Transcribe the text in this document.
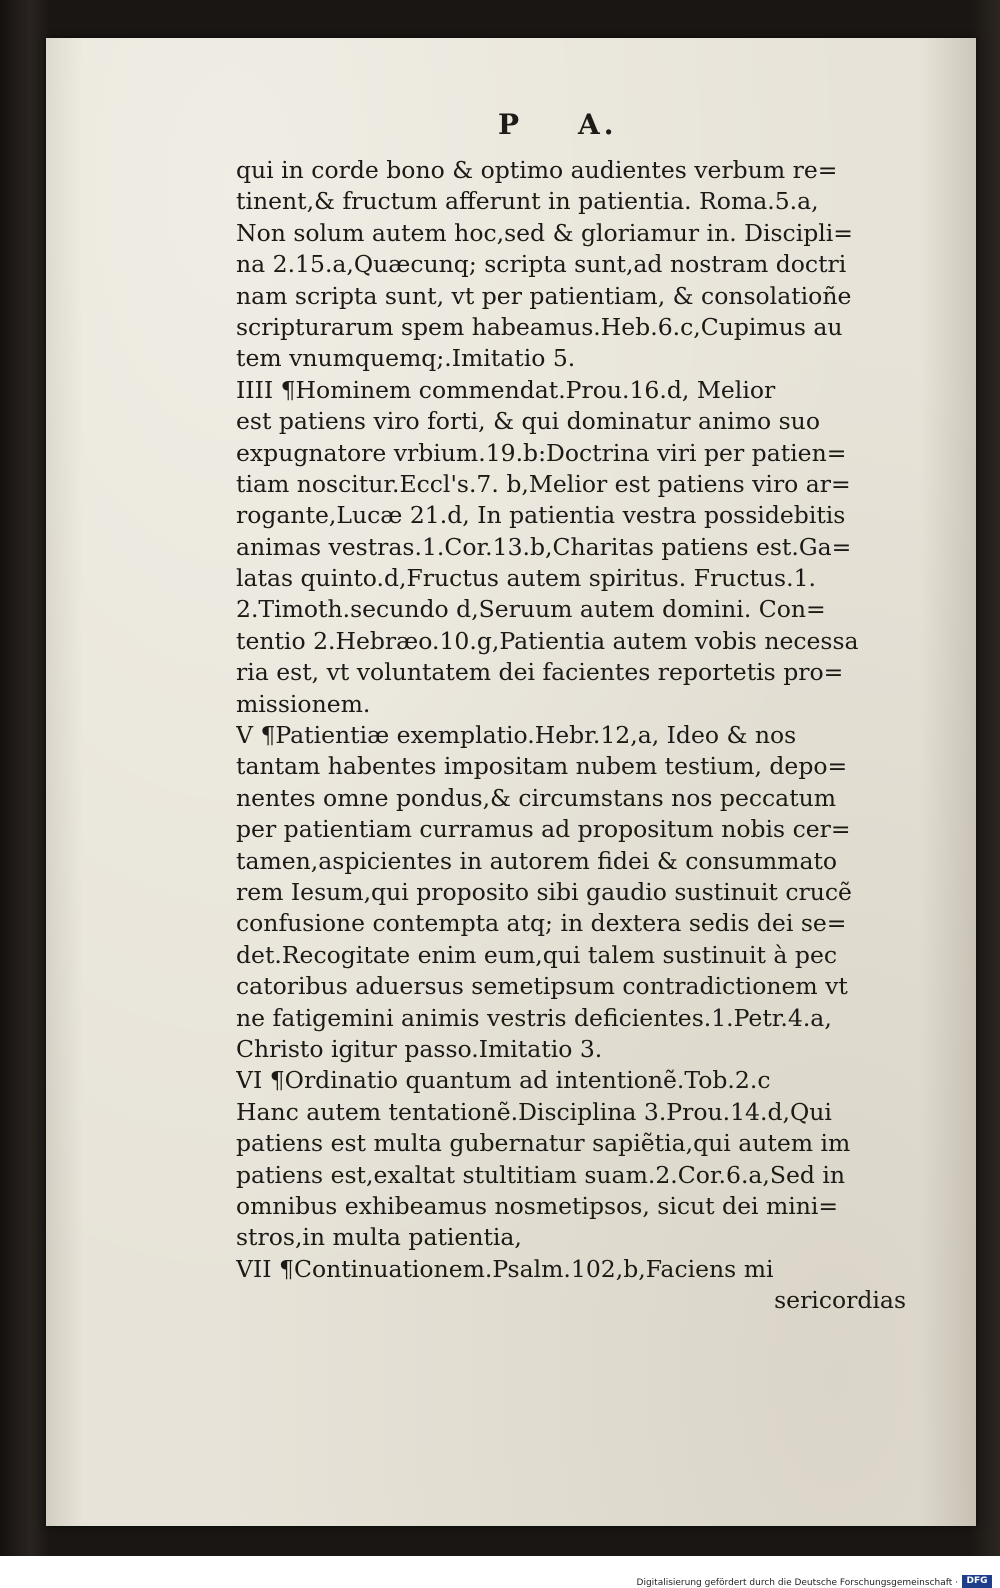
P    A.
qui in corde bono & optimo audientes verbum re=
tinent,& fructum afferunt in patientia. Roma.5.a,
Non solum autem hoc,sed & gloriamur in. Discipli=
na 2.15.a,Quæcunq; scripta sunt,ad nostram doctri
nam scripta sunt, vt per patientiam, & consolatioñe
scripturarum spem habeamus.Heb.6.c,Cupimus au
tem vnumquemq;.Imitatio 5.
IIII ¶Hominem commendat.Prou.16.d, Melior
est patiens viro forti, & qui dominatur animo suo
expugnatore vrbium.19.b:Doctrina viri per patien=
tiam noscitur.Eccl's.7. b,Melior est patiens viro ar=
rogante,Lucæ 21.d, In patientia vestra possidebitis
animas vestras.1.Cor.13.b,Charitas patiens est.Ga=
latas quinto.d,Fructus autem spiritus. Fructus.1.
2.Timoth.secundo d,Seruum autem domini. Con=
tentio 2.Hebræo.10.g,Patientia autem vobis necessa
ria est, vt voluntatem dei facientes reportetis pro=
missionem.
V ¶Patientiæ exemplatio.Hebr.12,a, Ideo & nos
tantam habentes impositam nubem testium, depo=
nentes omne pondus,& circumstans nos peccatum
per patientiam curramus ad propositum nobis cer=
tamen,aspicientes in autorem fidei & consummato
rem Iesum,qui proposito sibi gaudio sustinuit crucẽ
confusione contempta atq; in dextera sedis dei se=
det.Recogitate enim eum,qui talem sustinuit à pec
catoribus aduersus semetipsum contradictionem vt
ne fatigemini animis vestris deficientes.1.Petr.4.a,
Christo igitur passo.Imitatio 3.
VI ¶Ordinatio quantum ad intentionẽ.Tob.2.c
Hanc autem tentationẽ.Disciplina 3.Prou.14.d,Qui
patiens est multa gubernatur sapiẽtia,qui autem im
patiens est,exaltat stultitiam suam.2.Cor.6.a,Sed in
omnibus exhibeamus nosmetipsos, sicut dei mini=
stros,in multa patientia,
VII ¶Continuationem.Psalm.102,b,Faciens mi
sericordias
Digitalisierung gefördert durch die Deutsche Forschungsgemeinschaft · DFG
